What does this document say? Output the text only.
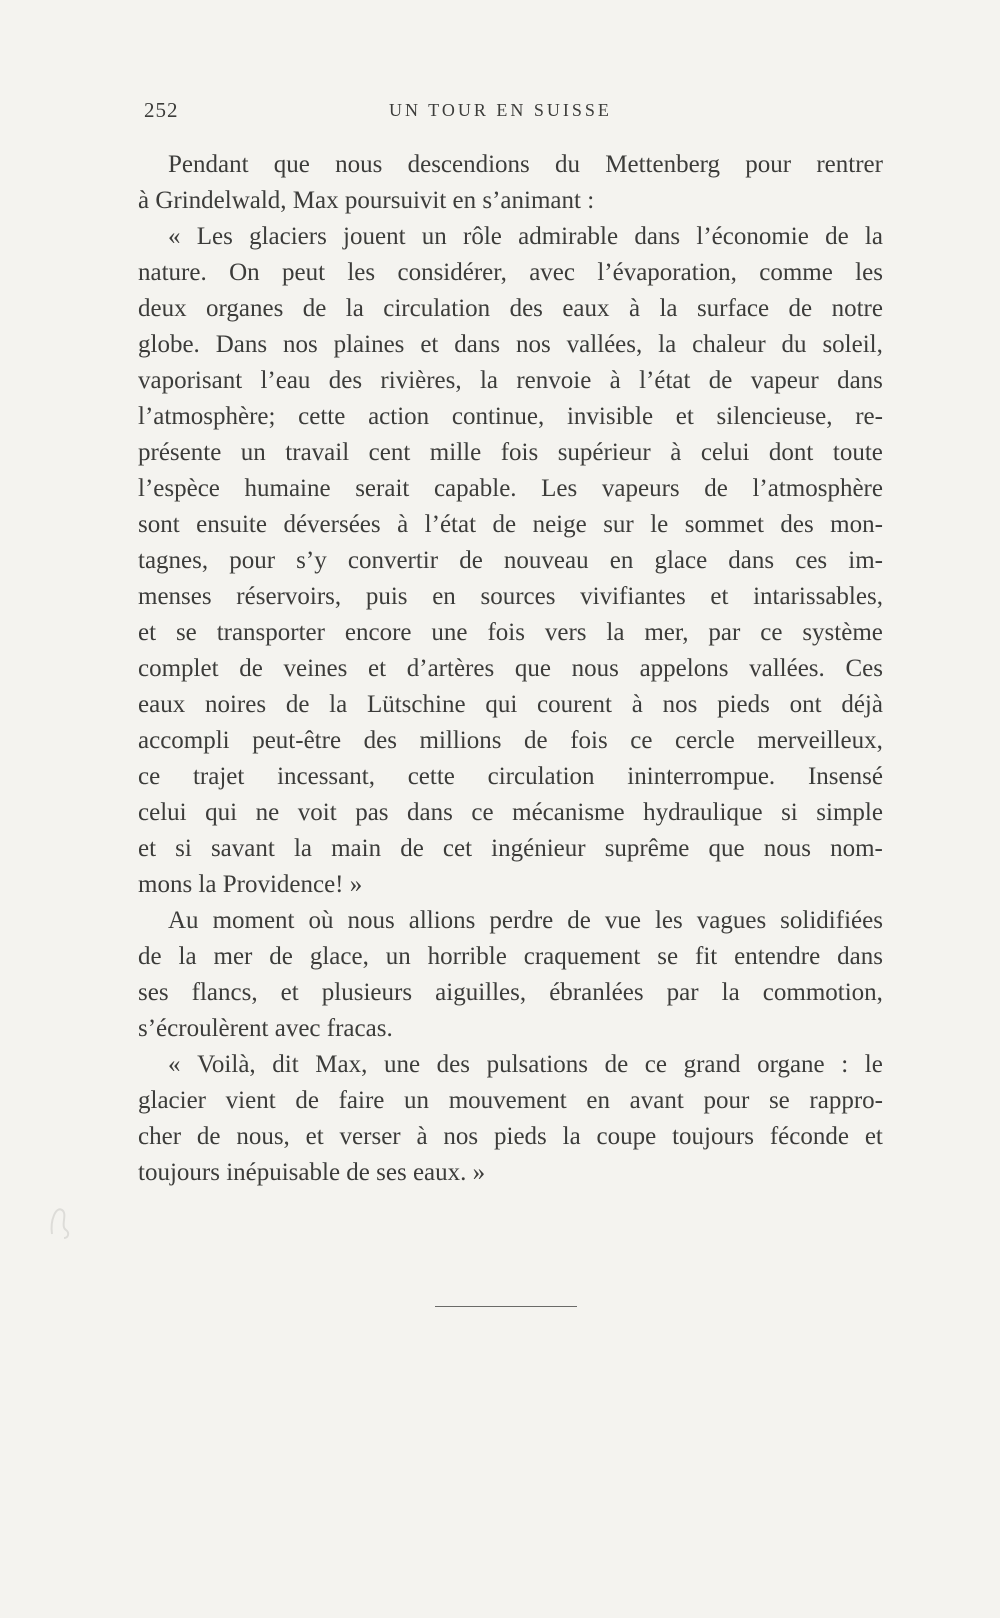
252	UN TOUR EN SUISSE
Pendant que nous descendions du Mettenberg pour rentrer
à Grindelwald, Max poursuivit en s’animant :
« Les glaciers jouent un rôle admirable dans l’économie de la
nature. On peut les considérer, avec l’évaporation, comme les
deux organes de la circulation des eaux à la surface de notre
globe. Dans nos plaines et dans nos vallées, la chaleur du soleil,
vaporisant l’eau des rivières, la renvoie à l’état de vapeur dans
l’atmosphère; cette action continue, invisible et silencieuse, re-
présente un travail cent mille fois supérieur à celui dont toute
l’espèce humaine serait capable. Les vapeurs de l’atmosphère
sont ensuite déversées à l’état de neige sur le sommet des mon-
tagnes, pour s’y convertir de nouveau en glace dans ces im-
menses réservoirs, puis en sources vivifiantes et intarissables,
et se transporter encore une fois vers la mer, par ce système
complet de veines et d’artères que nous appelons vallées. Ces
eaux noires de la Lütschine qui courent à nos pieds ont déjà
accompli peut-être des millions de fois ce cercle merveilleux,
ce trajet incessant, cette circulation ininterrompue. Insensé
celui qui ne voit pas dans ce mécanisme hydraulique si simple
et si savant la main de cet ingénieur suprême que nous nom-
mons la Providence! »
Au moment où nous allions perdre de vue les vagues solidifiées
de la mer de glace, un horrible craquement se fit entendre dans
ses flancs, et plusieurs aiguilles, ébranlées par la commotion,
s’écroulèrent avec fracas.
« Voilà, dit Max, une des pulsations de ce grand organe : le
glacier vient de faire un mouvement en avant pour se rappro-
cher de nous, et verser à nos pieds la coupe toujours féconde et
toujours inépuisable de ses eaux. »
